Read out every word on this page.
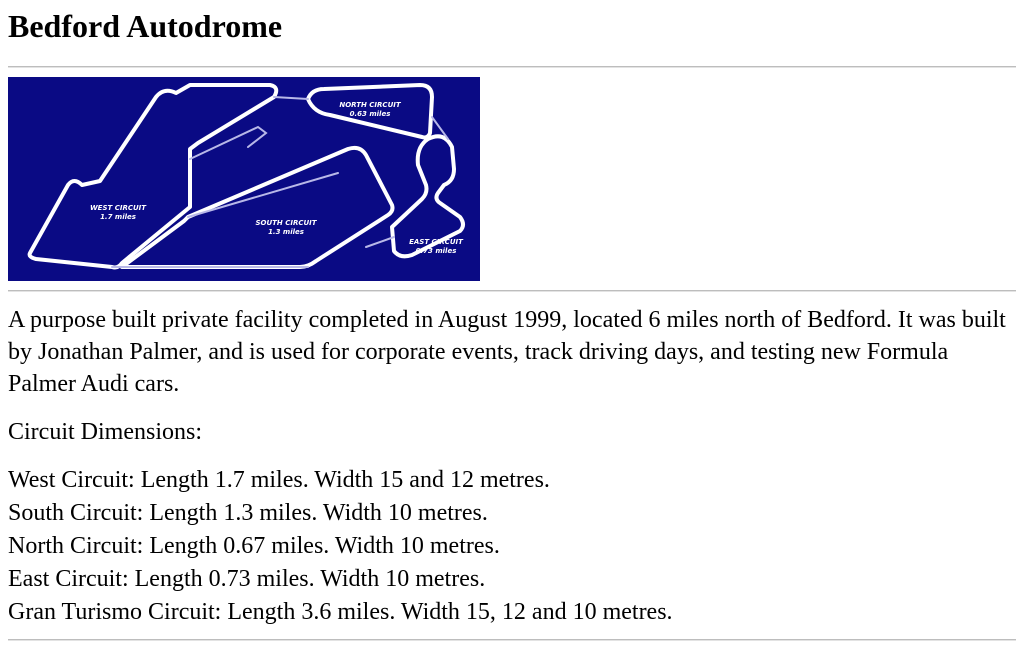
Bedford Autodrome
NORTH CIRCUIT
0.63 miles
WEST CIRCUIT
1.7 miles
SOUTH CIRCUIT
1.3 miles
EAST CIRCUIT
0.73 miles

A purpose built private facility completed in August 1999, located 6 miles north of Bedford. It was built by Jonathan Palmer, and is used for corporate events, track driving days, and testing new Formula Palmer Audi cars.

Circuit Dimensions:

West Circuit: Length 1.7 miles. Width 15 and 12 metres.
South Circuit: Length 1.3 miles. Width 10 metres.
North Circuit: Length 0.67 miles. Width 10 metres.
East Circuit: Length 0.73 miles. Width 10 metres.
Gran Turismo Circuit: Length 3.6 miles. Width 15, 12 and 10 metres.
